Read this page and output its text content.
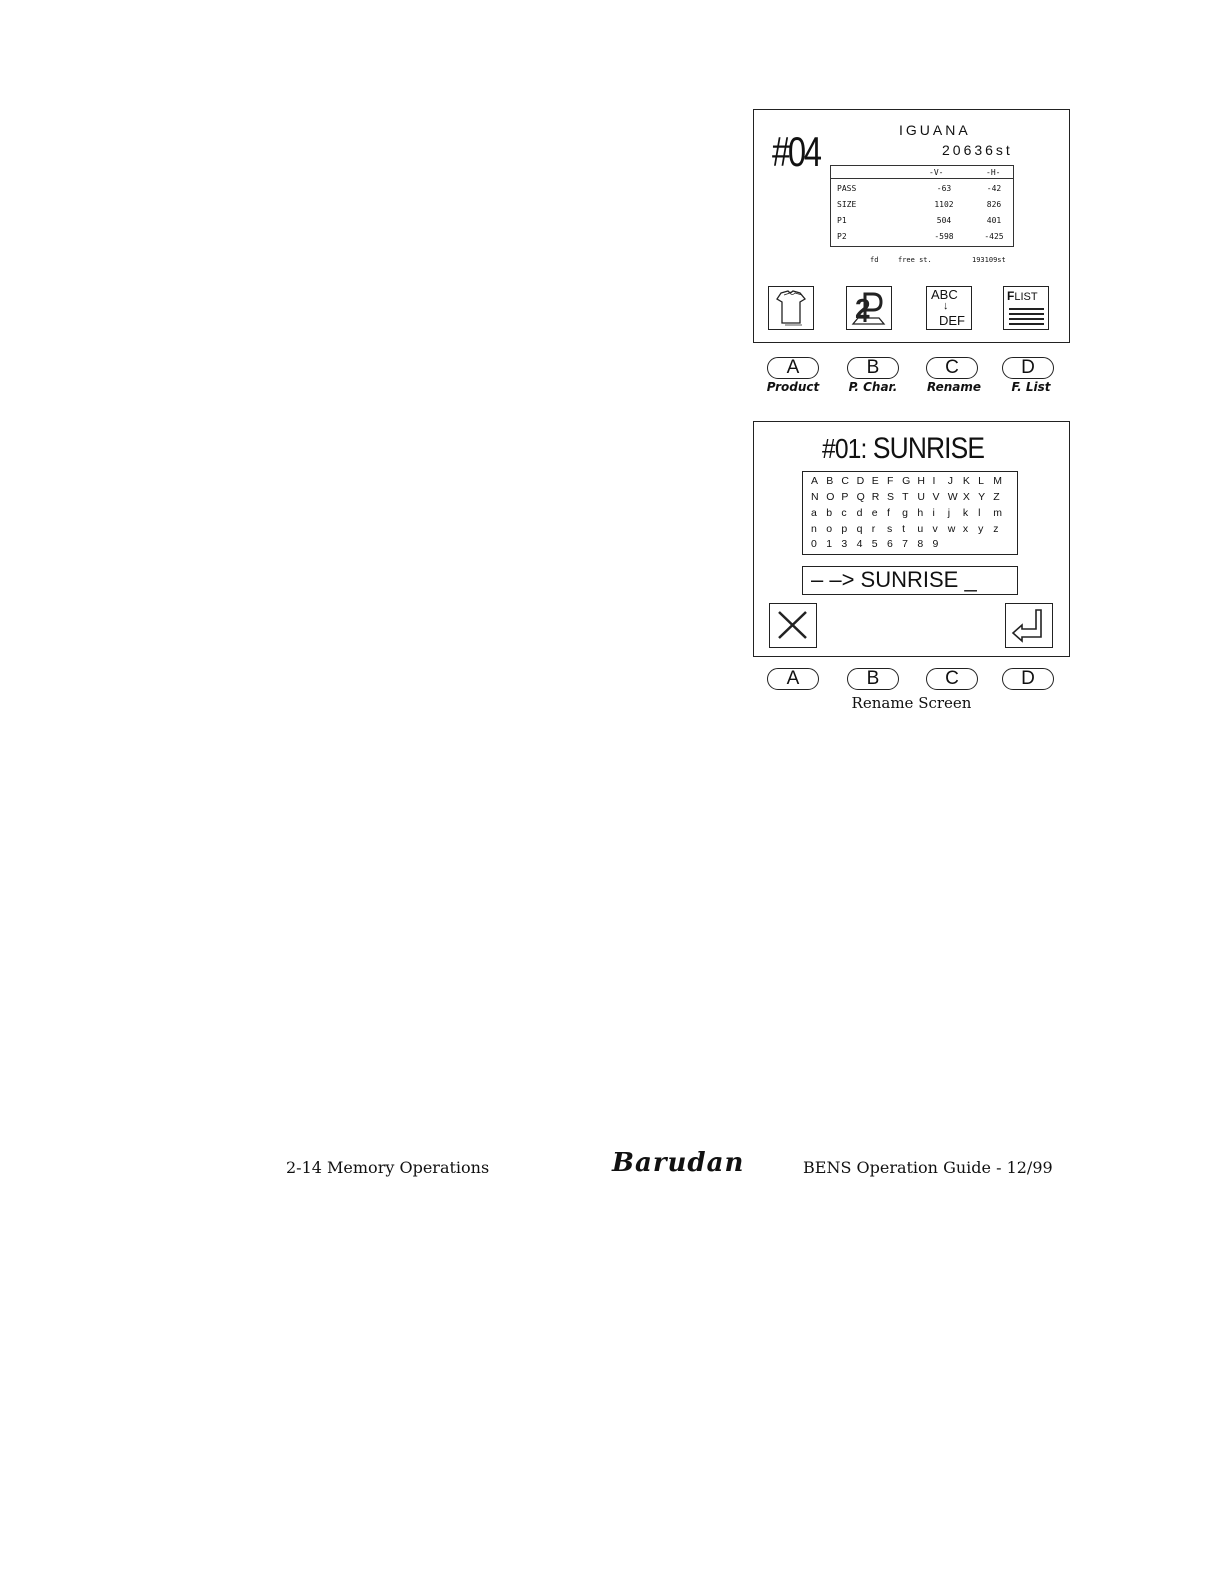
#04	IGUANA
20636st
-V-	-H-
PASS	-63	-42
SIZE	1102	826
P1	504	401
P2	-598	-425
fd	free st.	193109st
2	ABC
↓
DEF
FLIST
A	B	C	D
Product	P. Char.	Rename	F. List
#01: SUNRISE
A B C D E F G H I J K L M
N O P Q R S T U V W X Y Z
a b c d e f g h i j k l m
n o p q r s t u v w x y z
0 1 3 4 5 6 7 8 9
– –> SUNRISE _
A	B	C	D
Rename Screen
2-14 Memory Operations	Barudan	BENS Operation Guide - 12/99
